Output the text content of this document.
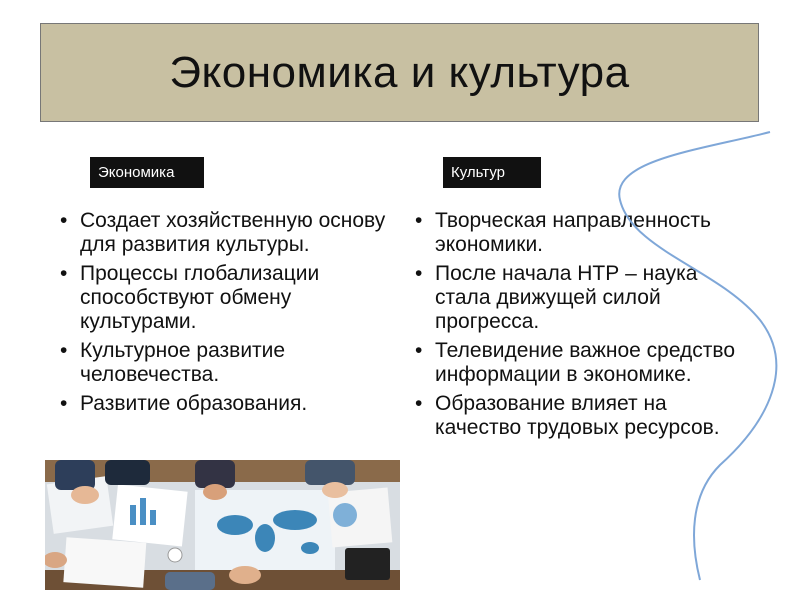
Экономика и культура
Экономика	Культур
• Создает хозяйственную основу для развития культуры.
• Процессы глобализации способствуют обмену культурами.
• Культурное развитие человечества.
• Развитие образования.
• Творческая направленность экономики.
• После начала НТР – наука стала движущей силой прогресса.
• Телевидение важное средство информации в экономике.
• Образование влияет на качество трудовых ресурсов.
